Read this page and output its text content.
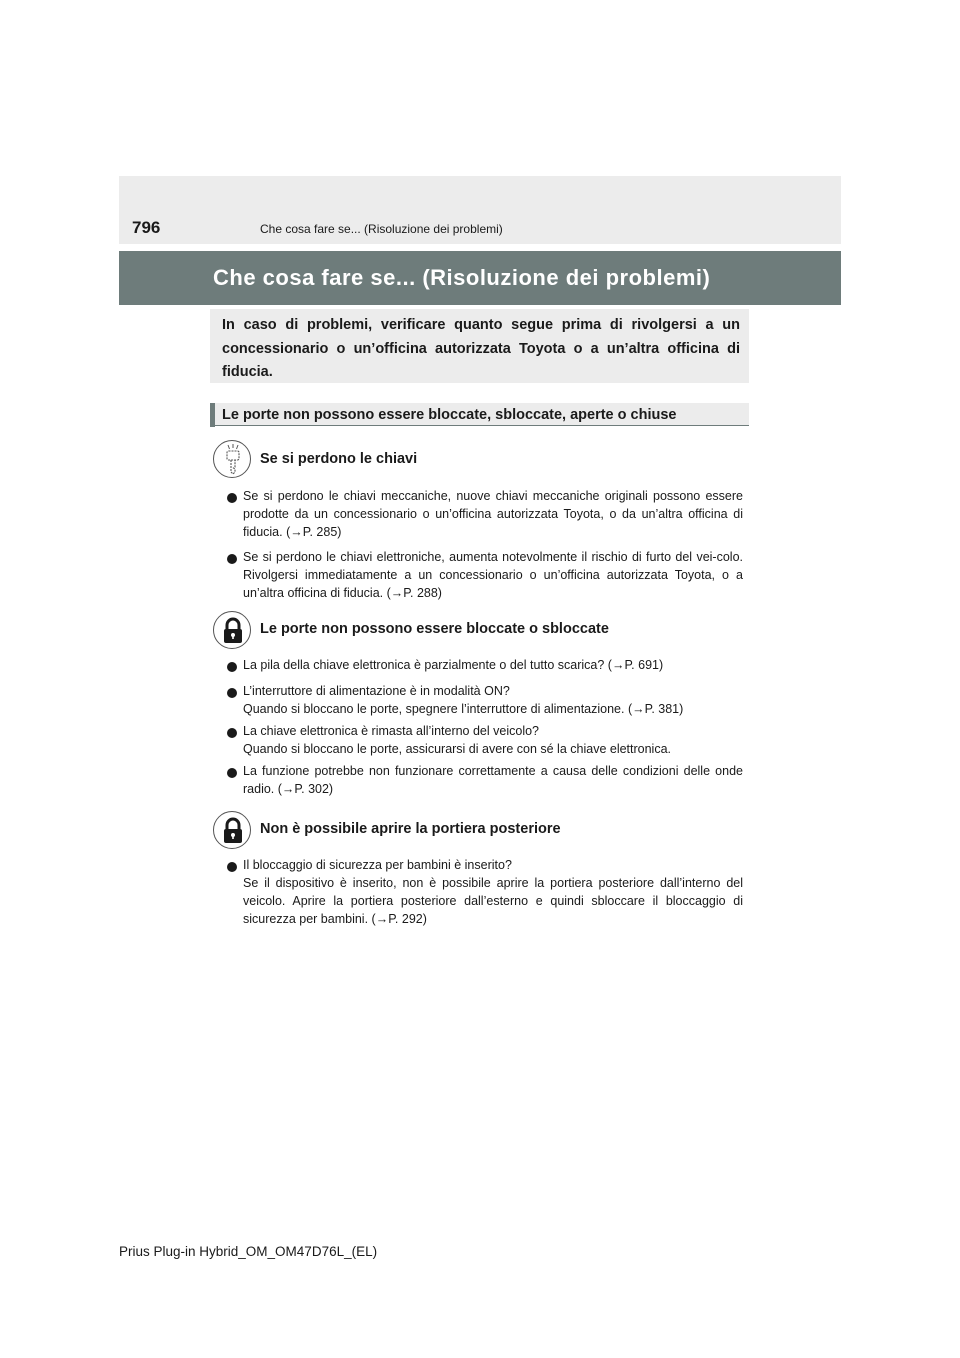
796	Che cosa fare se... (Risoluzione dei problemi)
Che cosa fare se... (Risoluzione dei problemi)
In caso di problemi, verificare quanto segue prima di rivolgersi a un concessionario o un’officina autorizzata Toyota o a un’altra officina di fiducia.
Le porte non possono essere bloccate, sbloccate, aperte o chiuse
Se si perdono le chiavi
Se si perdono le chiavi meccaniche, nuove chiavi meccaniche originali possono essere prodotte da un concessionario o un’officina autorizzata Toyota, o da un’altra officina di fiducia. (→P. 285)
Se si perdono le chiavi elettroniche, aumenta notevolmente il rischio di furto del vei-colo. Rivolgersi immediatamente a un concessionario o un’officina autorizzata Toyota, o a un’altra officina di fiducia. (→P. 288)
Le porte non possono essere bloccate o sbloccate
La pila della chiave elettronica è parzialmente o del tutto scarica? (→P. 691)
L’interruttore di alimentazione è in modalità ON?
Quando si bloccano le porte, spegnere l’interruttore di alimentazione. (→P. 381)
La chiave elettronica è rimasta all’interno del veicolo?
Quando si bloccano le porte, assicurarsi di avere con sé la chiave elettronica.
La funzione potrebbe non funzionare correttamente a causa delle condizioni delle onde radio. (→P. 302)
Non è possibile aprire la portiera posteriore
Il bloccaggio di sicurezza per bambini è inserito?
Se il dispositivo è inserito, non è possibile aprire la portiera posteriore dall’interno del veicolo. Aprire la portiera posteriore dall’esterno e quindi sbloccare il bloccaggio di sicurezza per bambini. (→P. 292)
Prius Plug-in Hybrid_OM_OM47D76L_(EL)
